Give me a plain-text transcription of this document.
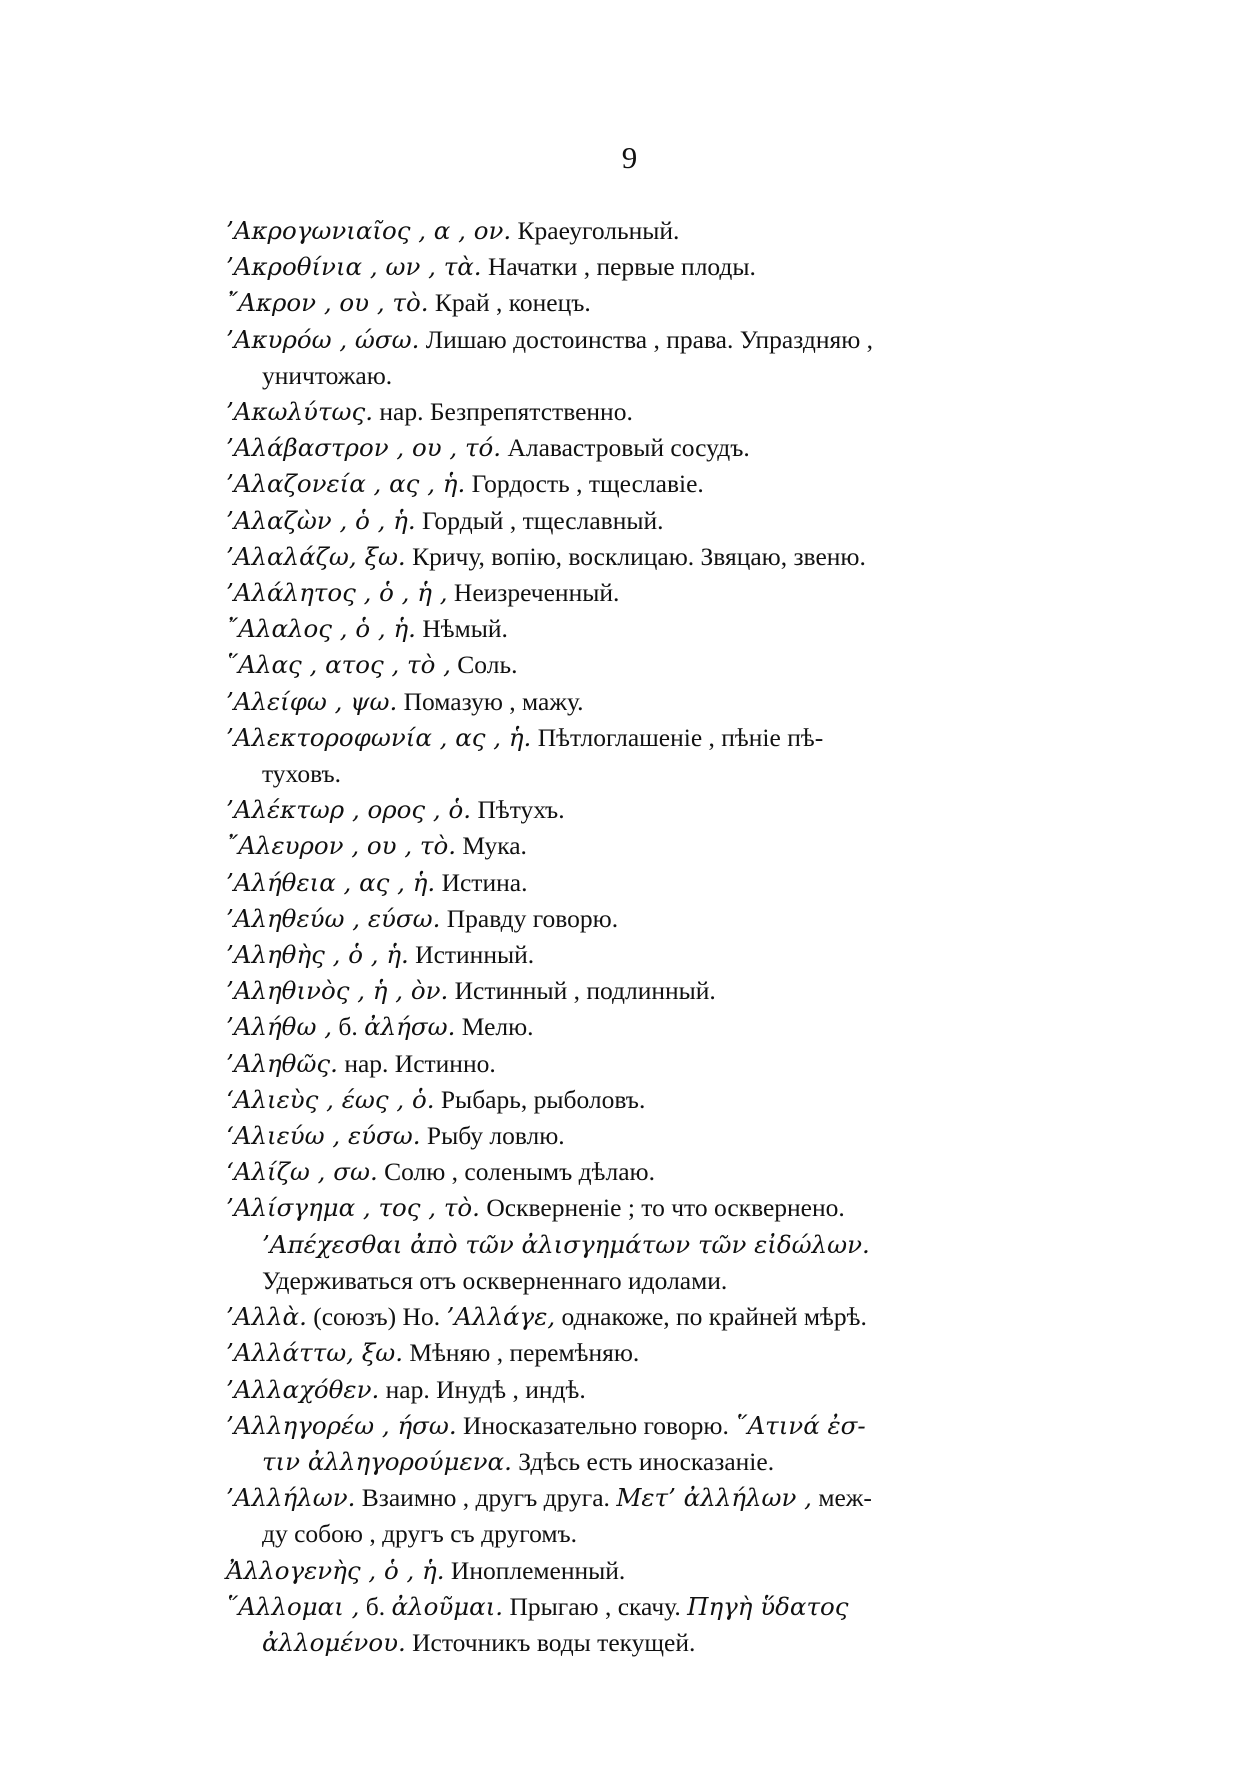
9
’Ακρογωνιαῖος , α , ον. Краеугольный.
’Ακροθίνια , ων , τὰ. Начатки , первые плоды.
῎Ακρον , ου , τὸ. Край , конецъ.
’Ακυρόω , ώσω. Лишаю достоинства , права. Упраздняю ,
уничтожаю.
’Ακωλύτως. нар. Безпрепятственно.
’Αλάβαστρον , ου , τό. Алавастровый сосудъ.
’Αλαζονεία , ας , ἡ. Гордость , тщеславіе.
’Αλαζὼν , ὁ , ἡ. Гордый , тщеславный.
’Αλαλάζω, ξω. Кричу, вопію, восклицаю. Звяцаю, звеню.
’Αλάλητος , ὁ , ἡ , Неизреченный.
῎Αλαλος , ὁ , ἡ. Нѣмый.
῞Αλας , ατος , τὸ , Соль.
’Αλείφω , ψω. Помазую , мажу.
’Αλεκτοροφωνία , ας , ἡ. Пѣтлоглашеніе , пѣніе пѣ-
туховъ.
’Αλέκτωρ , ορος , ὁ. Пѣтухъ.
῎Αλευρον , ου , τὸ. Мука.
’Αλήθεια , ας , ἡ. Истина.
’Αληθεύω , εύσω. Правду говорю.
’Αληθὴς , ὁ , ἡ. Истинный.
’Αληθινὸς , ἡ , ὸν. Истинный , подлинный.
’Αλήθω , б. ἀλήσω. Мелю.
’Αληθῶς. нар. Истинно.
‘Αλιεὺς , έως , ὁ. Рыбарь, рыболовъ.
‘Αλιεύω , εύσω. Рыбу ловлю.
‘Αλίζω , σω. Солю , соленымъ дѣлаю.
’Αλίσγημα , τος , τὸ. Оскверненіе ; то что осквернено.
’Απέχεσθαι ἀπὸ τῶν ἀλισγημάτων τῶν εἰδώλων.
Удерживаться отъ оскверненнаго идолами.
’Αλλὰ. (союзъ) Но. ’Αλλάγε, однакоже, по крайней мѣрѣ.
’Αλλάττω, ξω. Мѣняю , перемѣняю.
’Αλλαχόθεν. нар. Инудѣ , индѣ.
’Αλληγορέω , ήσω. Иносказательно говорю. ῞Ατινά ἐσ-
τιν ἀλληγορούμενα. Здѣсь есть иносказаніе.
’Αλλήλων. Взаимно , другъ друга. Μετ’ ἀλλήλων , меж-
ду собою , другъ съ другомъ.
Ἀλλογενὴς , ὁ , ἡ. Иноплеменный.
῞Αλλομαι , б. ἀλοῦμαι. Прыгаю , скачу. Πηγὴ ὕδατος
ἀλλομένου. Источникъ воды текущей.
